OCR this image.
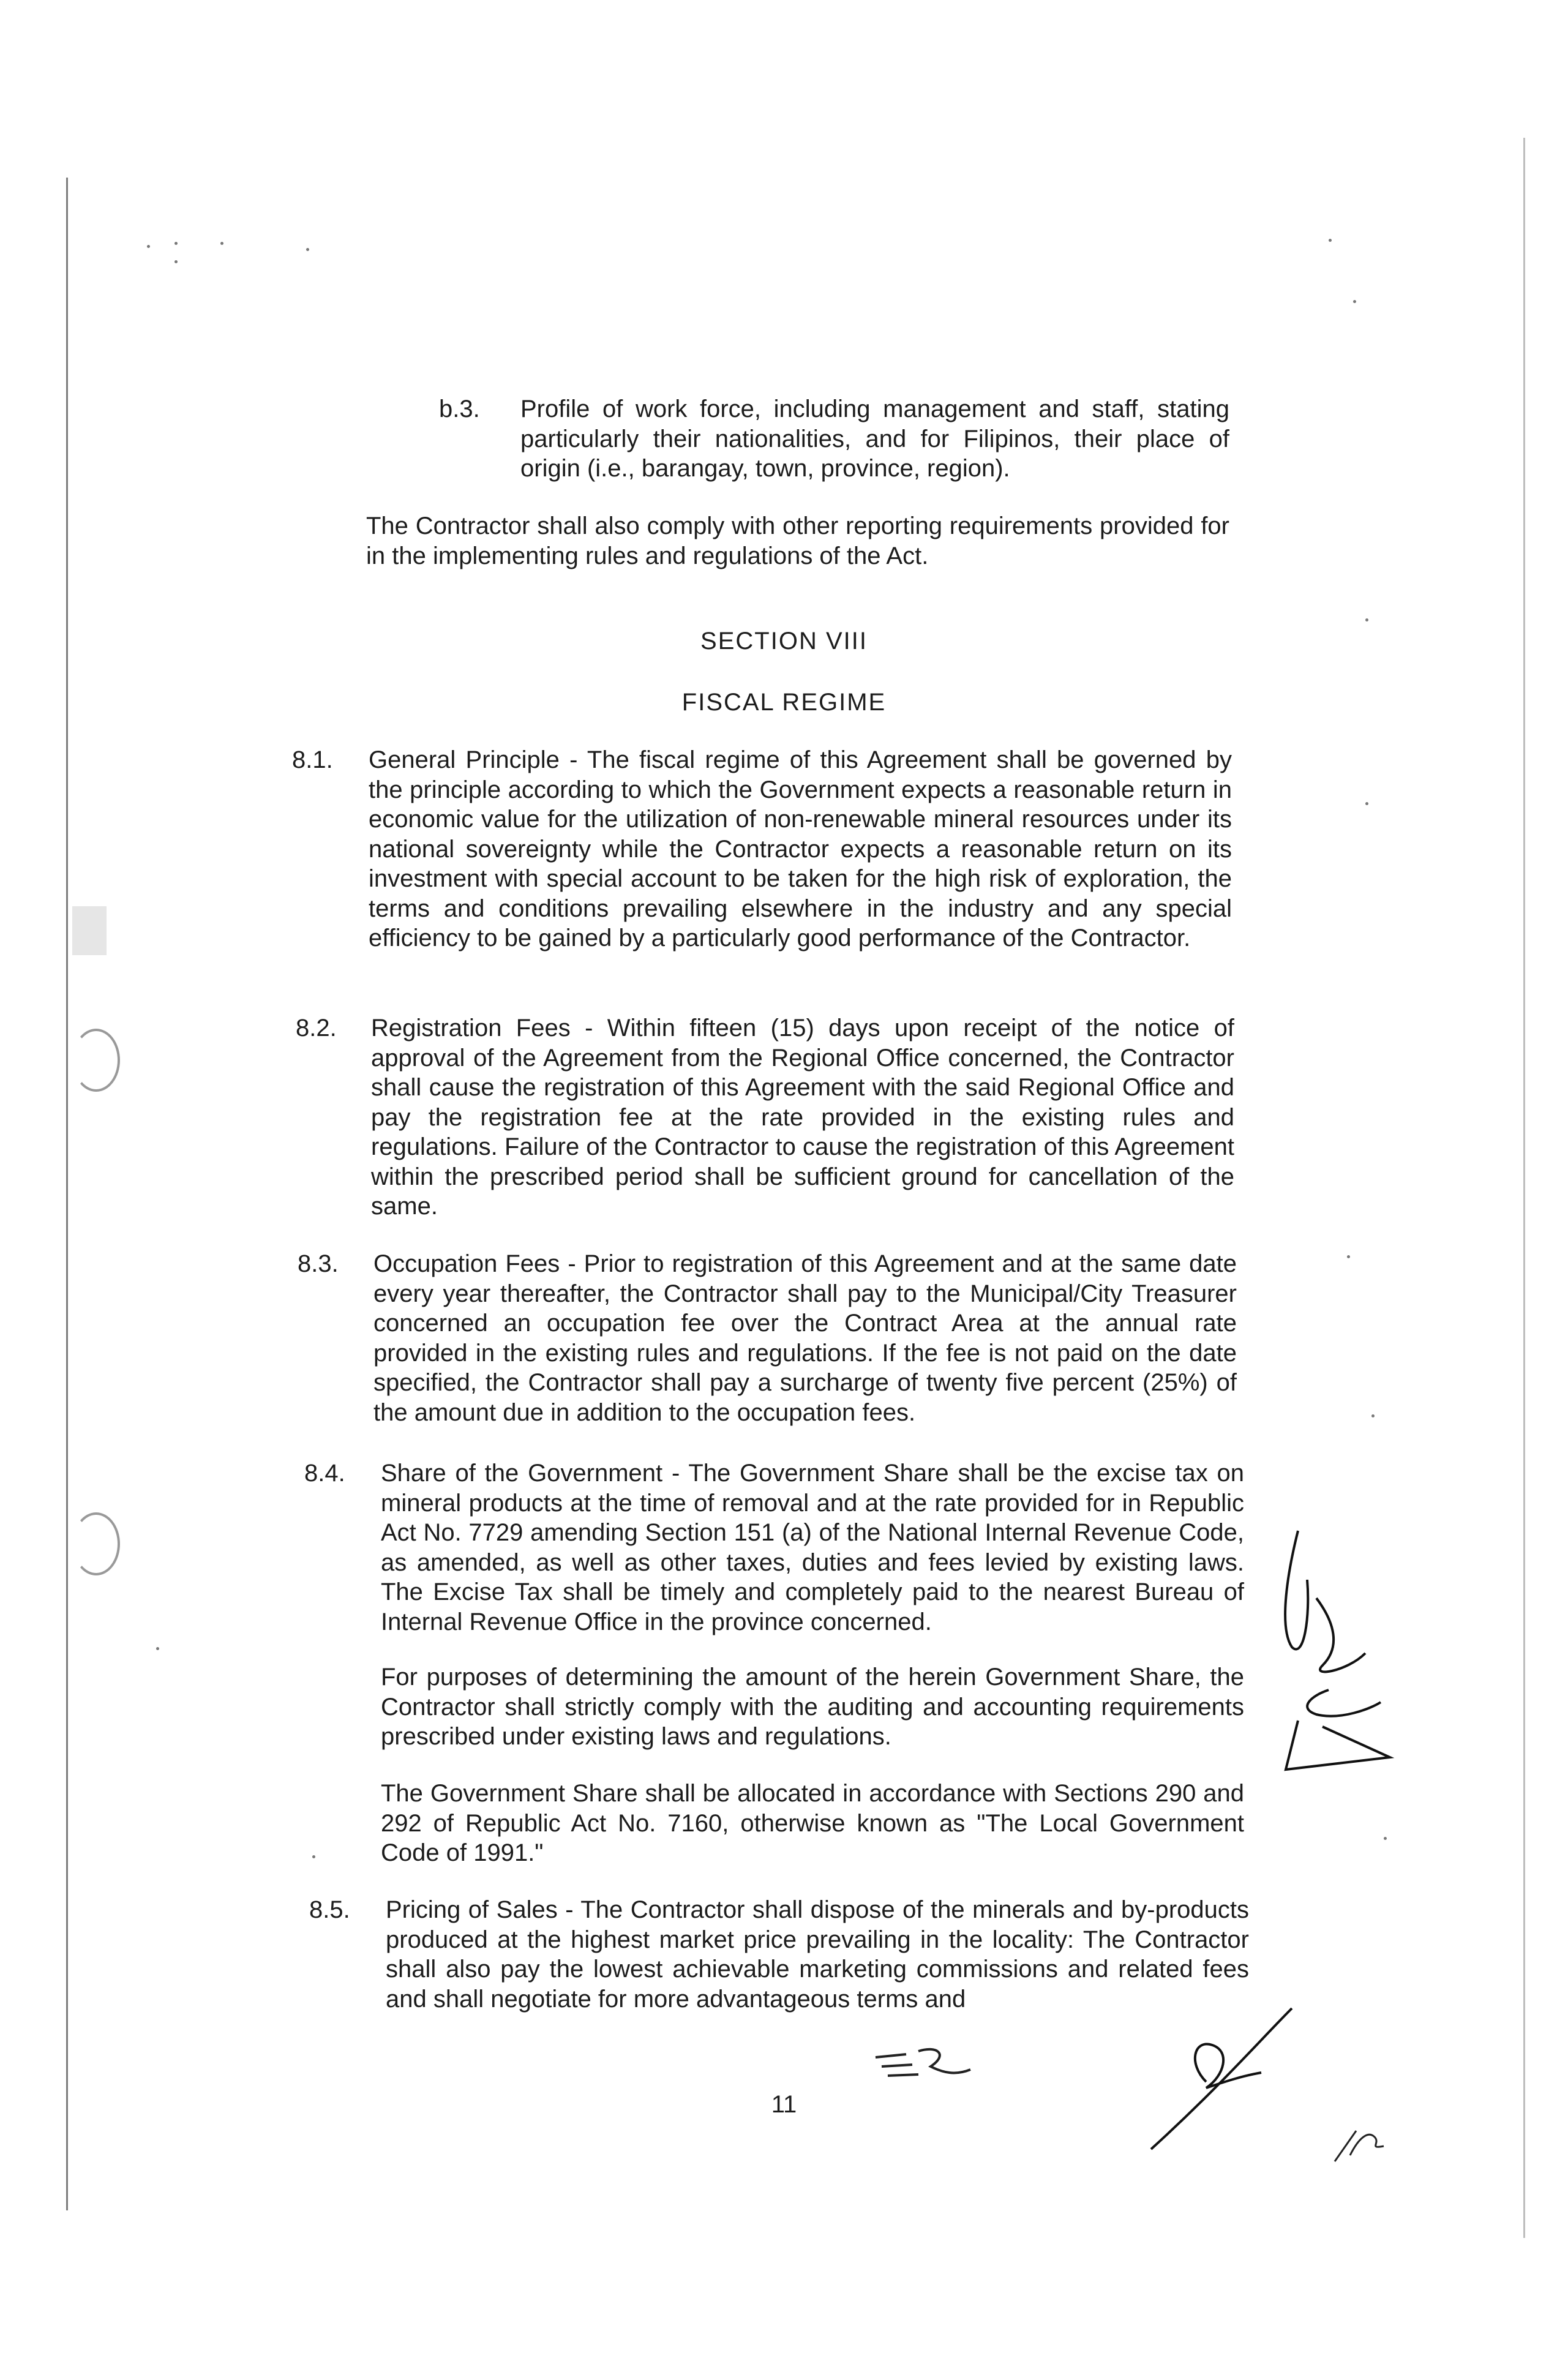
b.3. Profile of work force, including management and staff, stating particularly their nationalities, and for Filipinos, their place of origin (i.e., barangay, town, province, region).
The Contractor shall also comply with other reporting requirements provided for in the implementing rules and regulations of the Act.
SECTION VIII
FISCAL REGIME
8.1. General Principle - The fiscal regime of this Agreement shall be governed by the principle according to which the Government expects a reasonable return in economic value for the utilization of non-renewable mineral resources under its national sovereignty while the Contractor expects a reasonable return on its investment with special account to be taken for the high risk of exploration, the terms and conditions prevailing elsewhere in the industry and any special efficiency to be gained by a particularly good performance of the Contractor.
8.2. Registration Fees - Within fifteen (15) days upon receipt of the notice of approval of the Agreement from the Regional Office concerned, the Contractor shall cause the registration of this Agreement with the said Regional Office and pay the registration fee at the rate provided in the existing rules and regulations. Failure of the Contractor to cause the registration of this Agreement within the prescribed period shall be sufficient ground for cancellation of the same.
8.3. Occupation Fees - Prior to registration of this Agreement and at the same date every year thereafter, the Contractor shall pay to the Municipal/City Treasurer concerned an occupation fee over the Contract Area at the annual rate provided in the existing rules and regulations. If the fee is not paid on the date specified, the Contractor shall pay a surcharge of twenty five percent (25%) of the amount due in addition to the occupation fees.
8.4. Share of the Government - The Government Share shall be the excise tax on mineral products at the time of removal and at the rate provided for in Republic Act No. 7729 amending Section 151 (a) of the National Internal Revenue Code, as amended, as well as other taxes, duties and fees levied by existing laws. The Excise Tax shall be timely and completely paid to the nearest Bureau of Internal Revenue Office in the province concerned.
For purposes of determining the amount of the herein Government Share, the Contractor shall strictly comply with the auditing and accounting requirements prescribed under existing laws and regulations.
The Government Share shall be allocated in accordance with Sections 290 and 292 of Republic Act No. 7160, otherwise known as "The Local Government Code of 1991."
8.5. Pricing of Sales - The Contractor shall dispose of the minerals and by-products produced at the highest market price prevailing in the locality: The Contractor shall also pay the lowest achievable marketing commissions and related fees and shall negotiate for more advantageous terms and
11
